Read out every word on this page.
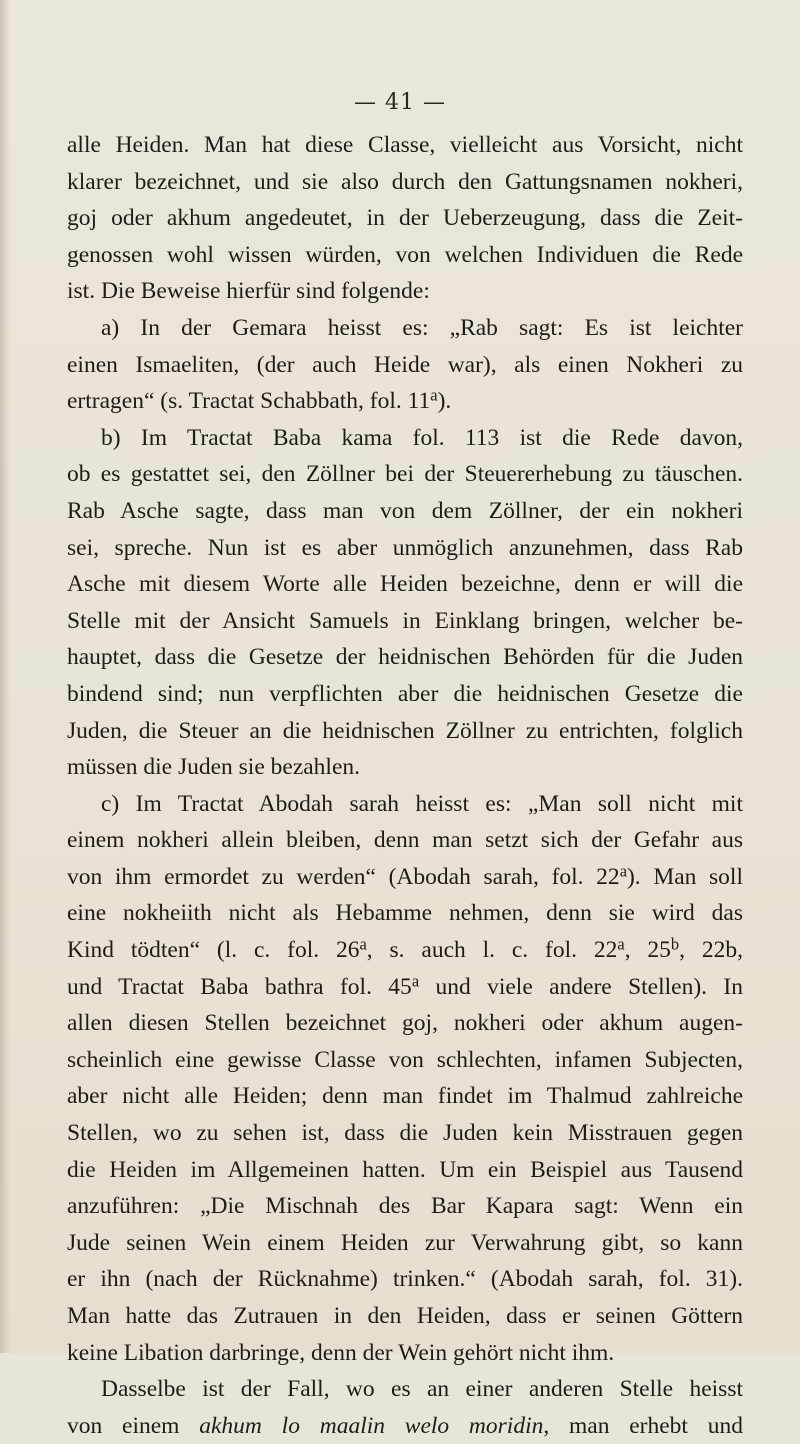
— 41 —
alle Heiden. Man hat diese Classe, vielleicht aus Vorsicht, nicht
klarer bezeichnet, und sie also durch den Gattungsnamen nokheri,
goj oder akhum angedeutet, in der Ueberzeugung, dass die Zeit-
genossen wohl wissen würden, von welchen Individuen die Rede
ist. Die Beweise hierfür sind folgende:
a) In der Gemara heisst es: „Rab sagt: Es ist leichter
einen Ismaeliten, (der auch Heide war), als einen Nokheri zu
ertragen“ (s. Tractat Schabbath, fol. 11$^a$).
b) Im Tractat Baba kama fol. 113 ist die Rede davon,
ob es gestattet sei, den Zöllner bei der Steuererhebung zu täuschen.
Rab Asche sagte, dass man von dem Zöllner, der ein nokheri
sei, spreche. Nun ist es aber unmöglich anzunehmen, dass Rab
Asche mit diesem Worte alle Heiden bezeichne, denn er will die
Stelle mit der Ansicht Samuels in Einklang bringen, welcher be-
hauptet, dass die Gesetze der heidnischen Behörden für die Juden
bindend sind; nun verpflichten aber die heidnischen Gesetze die
Juden, die Steuer an die heidnischen Zöllner zu entrichten, folglich
müssen die Juden sie bezahlen.
c) Im Tractat Abodah sarah heisst es: „Man soll nicht mit
einem nokheri allein bleiben, denn man setzt sich der Gefahr aus
von ihm ermordet zu werden“ (Abodah sarah, fol. 22$^a$). Man soll
eine nokheiith nicht als Hebamme nehmen, denn sie wird das
Kind tödten“ (l. c. fol. 26$^a$, s. auch l. c. fol. 22$^a$, 25$^b$, 22b,
und Tractat Baba bathra fol. 45$^a$ und viele andere Stellen). In
allen diesen Stellen bezeichnet goj, nokheri oder akhum augen-
scheinlich eine gewisse Classe von schlechten, infamen Subjecten,
aber nicht alle Heiden; denn man findet im Thalmud zahlreiche
Stellen, wo zu sehen ist, dass die Juden kein Misstrauen gegen
die Heiden im Allgemeinen hatten. Um ein Beispiel aus Tausend
anzuführen: „Die Mischnah des Bar Kapara sagt: Wenn ein
Jude seinen Wein einem Heiden zur Verwahrung gibt, so kann
er ihn (nach der Rücknahme) trinken.“ (Abodah sarah, fol. 31).
Man hatte das Zutrauen in den Heiden, dass er seinen Göttern
keine Libation darbringe, denn der Wein gehört nicht ihm.
Dasselbe ist der Fall, wo es an einer anderen Stelle heisst
von einem akhum lo maalin welo moridin, man erhebt und
